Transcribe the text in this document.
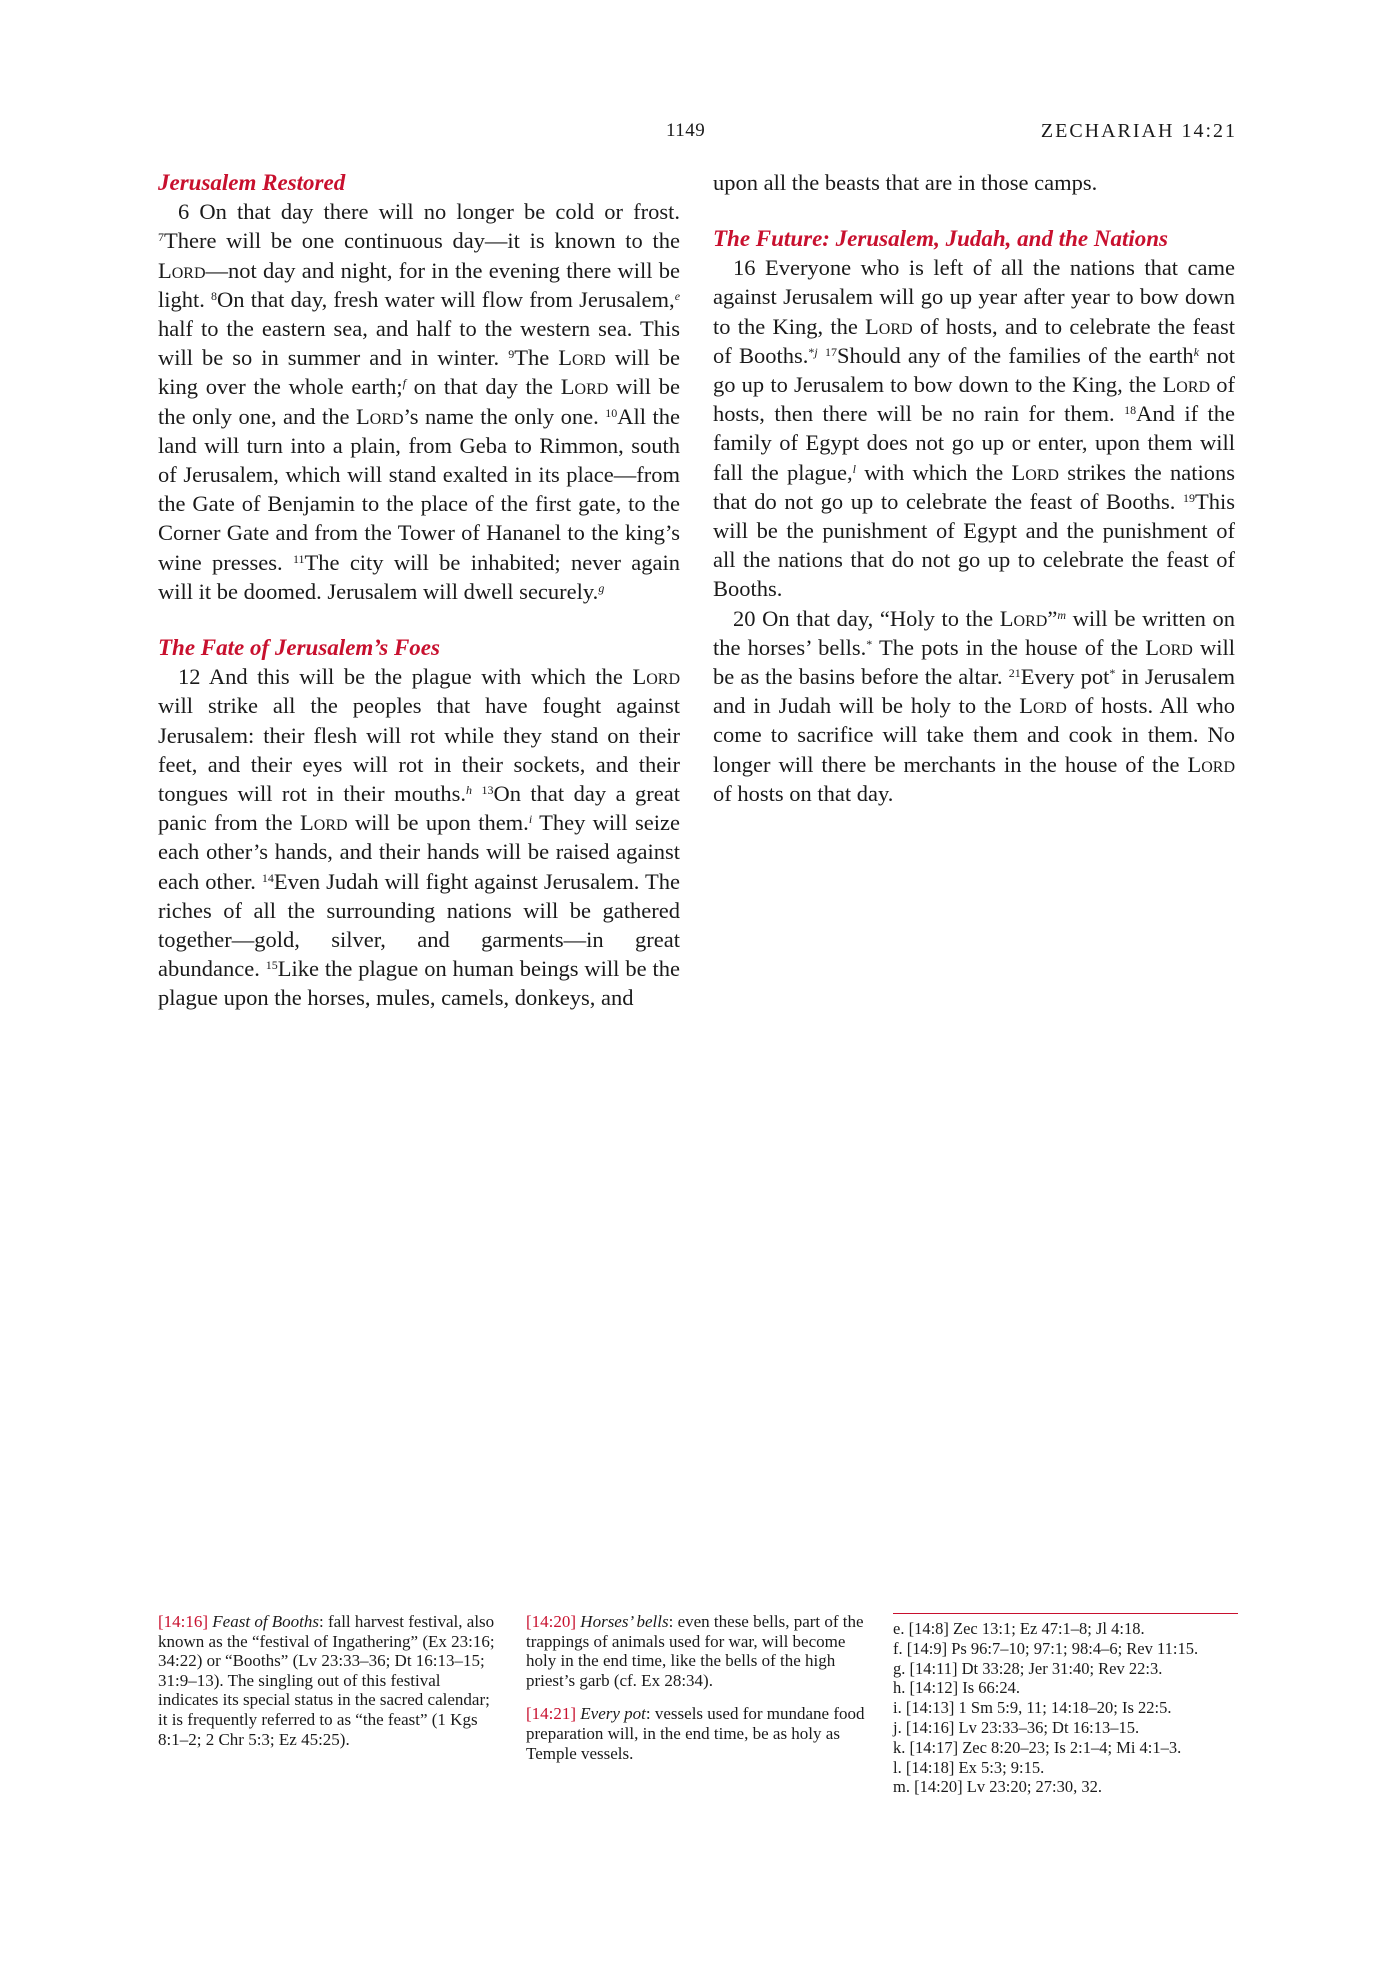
1149	ZECHARIAH 14:21
Jerusalem Restored

6 On that day there will no longer be cold or frost. $^7$There will be one continuous day—it is known to the Lord—not day and night, for in the evening there will be light. $^8$On that day, fresh water will flow from Jerusalem,$^e$ half to the eastern sea, and half to the western sea. This will be so in summer and in winter. $^9$The Lord will be king over the whole earth;$^f$ on that day the Lord will be the only one, and the Lord’s name the only one. $^{10}$All the land will turn into a plain, from Geba to Rimmon, south of Jerusalem, which will stand exalted in its place—from the Gate of Benjamin to the place of the first gate, to the Corner Gate and from the Tower of Hananel to the king’s wine presses. $^{11}$The city will be inhabited; never again will it be doomed. Jerusalem will dwell securely.$^g$

The Fate of Jerusalem’s Foes

12 And this will be the plague with which the Lord will strike all the peoples that have fought against Jerusalem: their flesh will rot while they stand on their feet, and their eyes will rot in their sockets, and their tongues will rot in their mouths.$^h$ $^{13}$On that day a great panic from the Lord will be upon them.$^i$ They will seize each other’s hands, and their hands will be raised against each other. $^{14}$Even Judah will fight against Jerusalem. The riches of all the surrounding nations will be gathered together—gold, silver, and garments—in great abundance. $^{15}$Like the plague on human beings will be the plague upon the horses, mules, camels, donkeys, and

The Future: Jerusalem, Judah, and the Nations

16 Everyone who is left of all the nations that came against Jerusalem will go up year after year to bow down to the King, the Lord of hosts, and to celebrate the feast of Booths.$^{*j}$ $^{17}$Should any of the families of the earth$^k$ not go up to Jerusalem to bow down to the King, the Lord of hosts, then there will be no rain for them. $^{18}$And if the family of Egypt does not go up or enter, upon them will fall the plague,$^l$ with which the Lord strikes the nations that do not go up to celebrate the feast of Booths. $^{19}$This will be the punishment of Egypt and the punishment of all the nations that do not go up to celebrate the feast of Booths.

20 On that day, “Holy to the Lord”$^m$ will be written on the horses’ bells.* The pots in the house of the Lord will be as the basins before the altar. $^{21}$Every pot* in Jerusalem and in Judah will be holy to the Lord of hosts. All who come to sacrifice will take them and cook in them. No longer will there be merchants in the house of the Lord of hosts on that day.

[14:16] Feast of Booths: fall harvest festival, also known as the “festival of Ingathering” (Ex 23:16; 34:22) or “Booths” (Lv 23:33–36; Dt 16:13–15; 31:9–13). The singling out of this festival indicates its special status in the sacred calendar; it is frequently referred to as “the feast” (1 Kgs 8:1–2; 2 Chr 5:3; Ez 45:25).

[14:20] Horses’ bells: even these bells, part of the trappings of animals used for war, will become holy in the end time, like the bells of the high priest’s garb (cf. Ex 28:34).

[14:21] Every pot: vessels used for mundane food preparation will, in the end time, be as holy as Temple vessels.

e. [14:8] Zec 13:1; Ez 47:1–8; Jl 4:18.

f. [14:9] Ps 96:7–10; 97:1; 98:4–6; Rev 11:15.

g. [14:11] Dt 33:28; Jer 31:40; Rev 22:3.

h. [14:12] Is 66:24.

i. [14:13] 1 Sm 5:9, 11; 14:18–20; Is 22:5.

j. [14:16] Lv 23:33–36; Dt 16:13–15.

k. [14:17] Zec 8:20–23; Is 2:1–4; Mi 4:1–3.

l. [14:18] Ex 5:3; 9:15.

m. [14:20] Lv 23:20; 27:30, 32.

upon all the beasts that are in those camps.
